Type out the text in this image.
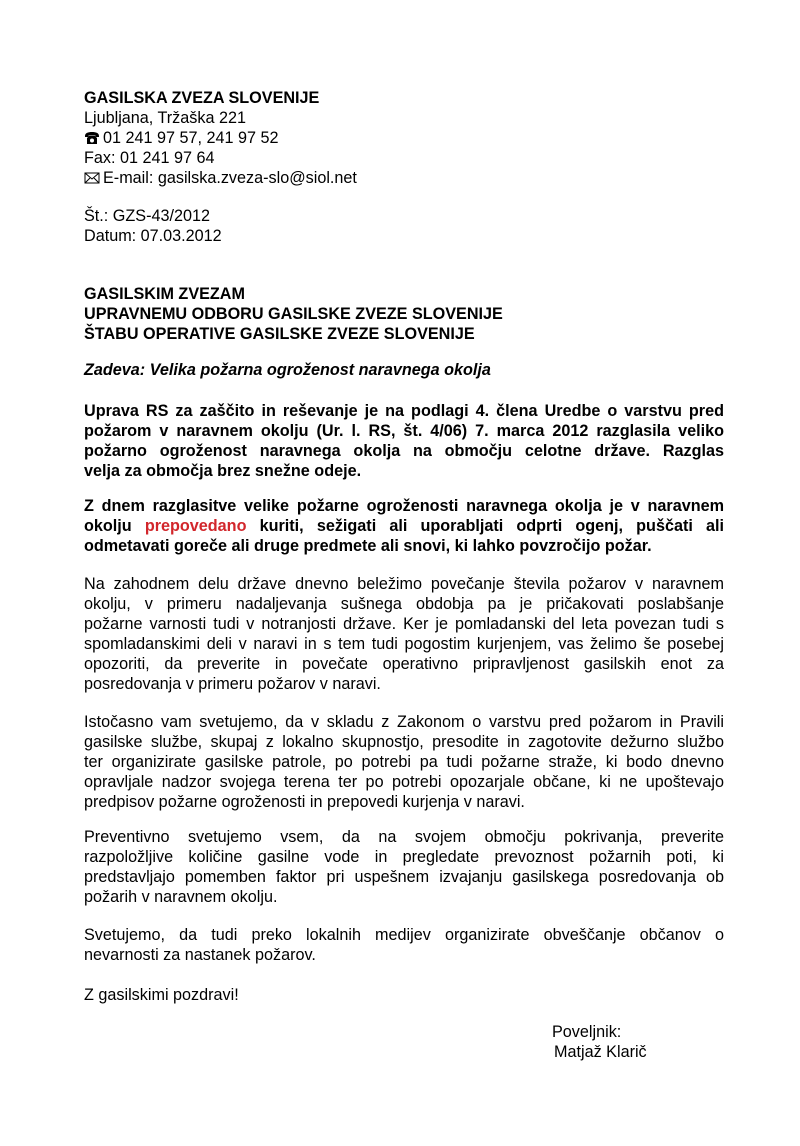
GASILSKA ZVEZA SLOVENIJE
Ljubljana, Tržaška 221
01 241 97 57, 241 97 52
Fax: 01 241 97 64
E-mail: gasilska.zveza-slo@siol.net
Št.: GZS-43/2012
Datum: 07.03.2012
GASILSKIM ZVEZAM
UPRAVNEMU ODBORU GASILSKE ZVEZE SLOVENIJE
ŠTABU OPERATIVE GASILSKE ZVEZE SLOVENIJE
Zadeva: Velika požarna ogroženost naravnega okolja
Uprava RS za zaščito in reševanje je na podlagi 4. člena Uredbe o varstvu pred
požarom v naravnem okolju (Ur. l. RS, št. 4/06) 7. marca 2012 razglasila veliko
požarno ogroženost naravnega okolja na območju celotne države. Razglas
velja za območja brez snežne odeje.
Z dnem razglasitve velike požarne ogroženosti naravnega okolja je v naravnem
okolju prepovedano kuriti, sežigati ali uporabljati odprti ogenj, puščati ali
odmetavati goreče ali druge predmete ali snovi, ki lahko povzročijo požar.
Na zahodnem delu države dnevno beležimo povečanje števila požarov v naravnem
okolju, v primeru nadaljevanja sušnega obdobja pa je pričakovati poslabšanje
požarne varnosti tudi v notranjosti države. Ker je pomladanski del leta povezan tudi s
spomladanskimi deli v naravi in s tem tudi pogostim kurjenjem, vas želimo še posebej
opozoriti, da preverite in povečate operativno pripravljenost gasilskih enot za
posredovanja v primeru požarov v naravi.
Istočasno vam svetujemo, da v skladu z Zakonom o varstvu pred požarom in Pravili
gasilske službe, skupaj z lokalno skupnostjo, presodite in zagotovite dežurno službo
ter organizirate gasilske patrole, po potrebi pa tudi požarne straže, ki bodo dnevno
opravljale nadzor svojega terena ter po potrebi opozarjale občane, ki ne upoštevajo
predpisov požarne ogroženosti in prepovedi kurjenja v naravi.
Preventivno svetujemo vsem, da na svojem območju pokrivanja, preverite
razpoložljive količine gasilne vode in pregledate prevoznost požarnih poti, ki
predstavljajo pomemben faktor pri uspešnem izvajanju gasilskega posredovanja ob
požarih v naravnem okolju.
Svetujemo, da tudi preko lokalnih medijev organizirate obveščanje občanov o
nevarnosti za nastanek požarov.
Z gasilskimi pozdravi!
Poveljnik:
Matjaž Klarič
